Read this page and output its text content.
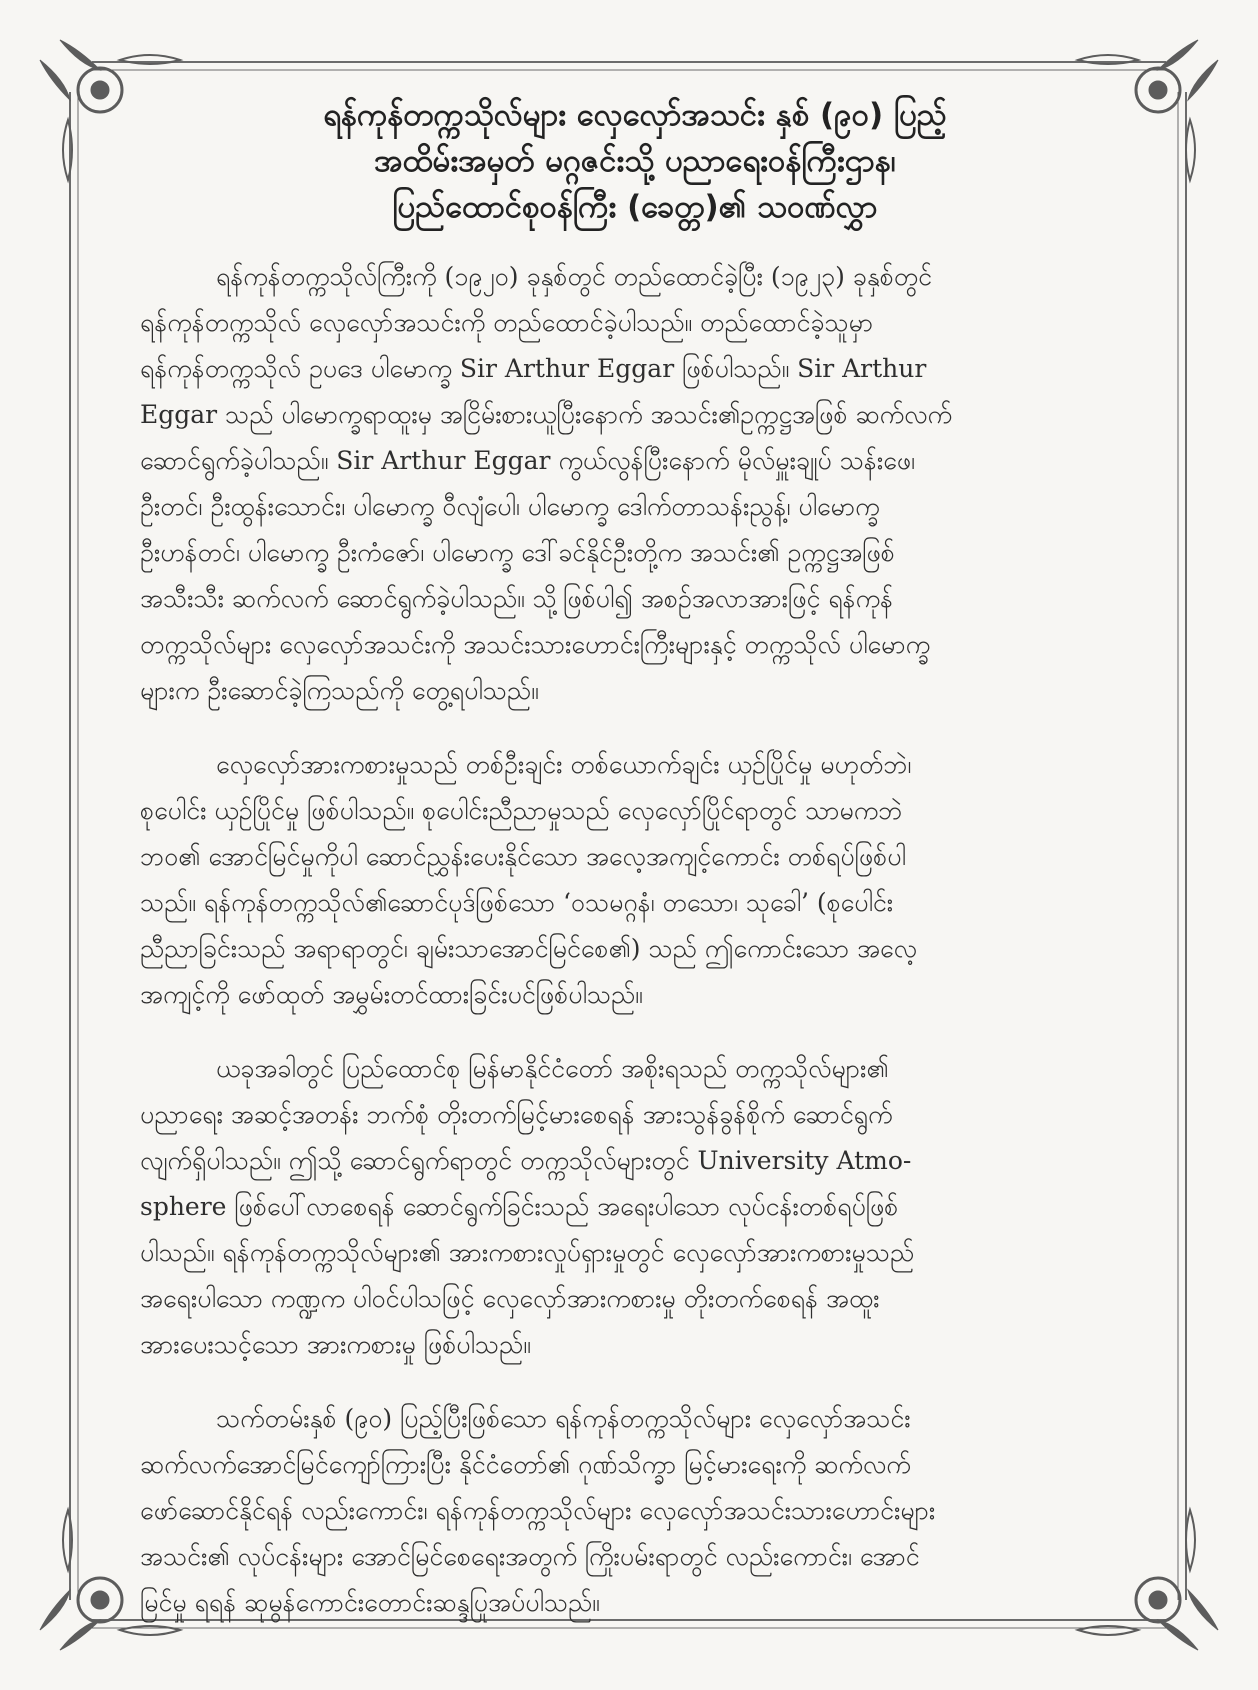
ရန်ကုန်တက္ကသိုလ်များ လှေလှော်အသင်း နှစ် (၉၀) ပြည့်
အထိမ်းအမှတ် မဂ္ဂဇင်းသို့ ပညာရေးဝန်ကြီးဌာန၊
ပြည်ထောင်စုဝန်ကြီး (ခေတ္တ)၏ သဝဏ်လွှာ
ရန်ကုန်တက္ကသိုလ်ကြီးကို (၁၉၂၀) ခုနှစ်တွင် တည်ထောင်ခဲ့ပြီး (၁၉၂၃) ခုနှစ်တွင်
ရန်ကုန်တက္ကသိုလ် လှေလှော်အသင်းကို တည်ထောင်ခဲ့ပါသည်။ တည်ထောင်ခဲ့သူမှာ
ရန်ကုန်တက္ကသိုလ် ဥပဒေ ပါမောက္ခ Sir Arthur Eggar ဖြစ်ပါသည်။ Sir Arthur
Eggar သည် ပါမောက္ခရာထူးမှ အငြိမ်းစားယူပြီးနောက် အသင်း၏ဥက္ကဋ္ဌအဖြစ် ဆက်လက်
ဆောင်ရွက်ခဲ့ပါသည်။ Sir Arthur Eggar ကွယ်လွန်ပြီးနောက် မိုလ်မှူးချုပ် သန်းဖေ၊
ဦးတင်၊ ဦးထွန်းသောင်း၊ ပါမောက္ခ ဝီလျံပေါ၊ ပါမောက္ခ ဒေါက်တာသန်းညွန့်၊ ပါမောက္ခ
ဦးဟန်တင်၊ ပါမောက္ခ ဦးကံဇော်၊ ပါမောက္ခ ဒေါ်ခင်နိုင်ဦးတို့က အသင်း၏ ဥက္ကဋ္ဌအဖြစ်
အသီးသီး ဆက်လက် ဆောင်ရွက်ခဲ့ပါသည်။ သို့ဖြစ်ပါ၍ အစဉ်အလာအားဖြင့် ရန်ကုန်
တက္ကသိုလ်များ လှေလှော်အသင်းကို အသင်းသားဟောင်းကြီးများနှင့် တက္ကသိုလ် ပါမောက္ခ
များက ဦးဆောင်ခဲ့ကြသည်ကို တွေ့ရပါသည်။
လှေလှော်အားကစားမှုသည် တစ်ဦးချင်း တစ်ယောက်ချင်း ယှဉ်ပြိုင်မှု မဟုတ်ဘဲ၊
စုပေါင်း ယှဉ်ပြိုင်မှု ဖြစ်ပါသည်။ စုပေါင်းညီညာမှုသည် လှေလှော်ပြိုင်ရာတွင် သာမကဘဲ
ဘဝ၏ အောင်မြင်မှုကိုပါ ဆောင်ညွှန်းပေးနိုင်သော အလေ့အကျင့်ကောင်း တစ်ရပ်ဖြစ်ပါ
သည်။ ရန်ကုန်တက္ကသိုလ်၏ဆောင်ပုဒ်ဖြစ်သော ‘ဝသမဂ္ဂနံ၊ တသော၊ သုခေါ’ (စုပေါင်း
ညီညာခြင်းသည် အရာရာတွင်၊ ချမ်းသာအောင်မြင်စေ၏) သည် ဤကောင်းသော အလေ့
အကျင့်ကို ဖော်ထုတ် အမွှမ်းတင်ထားခြင်းပင်ဖြစ်ပါသည်။
ယခုအခါတွင် ပြည်ထောင်စု မြန်မာနိုင်ငံတော် အစိုးရသည် တက္ကသိုလ်များ၏
ပညာရေး အဆင့်အတန်း ဘက်စုံ တိုးတက်မြင့်မားစေရန် အားသွန်ခွန်စိုက် ဆောင်ရွက်
လျက်ရှိပါသည်။ ဤသို့ ဆောင်ရွက်ရာတွင် တက္ကသိုလ်များတွင် University Atmo-
sphere ဖြစ်ပေါ်လာစေရန် ဆောင်ရွက်ခြင်းသည် အရေးပါသော လုပ်ငန်းတစ်ရပ်ဖြစ်
ပါသည်။ ရန်ကုန်တက္ကသိုလ်များ၏ အားကစားလှုပ်ရှားမှုတွင် လှေလှော်အားကစားမှုသည်
အရေးပါသော ကဏ္ဍက ပါဝင်ပါသဖြင့် လှေလှော်အားကစားမှု တိုးတက်စေရန် အထူး
အားပေးသင့်သော အားကစားမှု ဖြစ်ပါသည်။
သက်တမ်းနှစ် (၉၀) ပြည့်ပြီးဖြစ်သော ရန်ကုန်တက္ကသိုလ်များ လှေလှော်အသင်း
ဆက်လက်အောင်မြင်ကျော်ကြားပြီး နိုင်ငံတော်၏ ဂုဏ်သိက္ခာ မြင့်မားရေးကို ဆက်လက်
ဖော်ဆောင်နိုင်ရန် လည်းကောင်း၊ ရန်ကုန်တက္ကသိုလ်များ လှေလှော်အသင်းသားဟောင်းများ
အသင်း၏ လုပ်ငန်းများ အောင်မြင်စေရေးအတွက် ကြိုးပမ်းရာတွင် လည်းကောင်း၊ အောင်
မြင်မှု ရရန် ဆုမွန်ကောင်းတောင်းဆန္ဒပြုအပ်ပါသည်။
